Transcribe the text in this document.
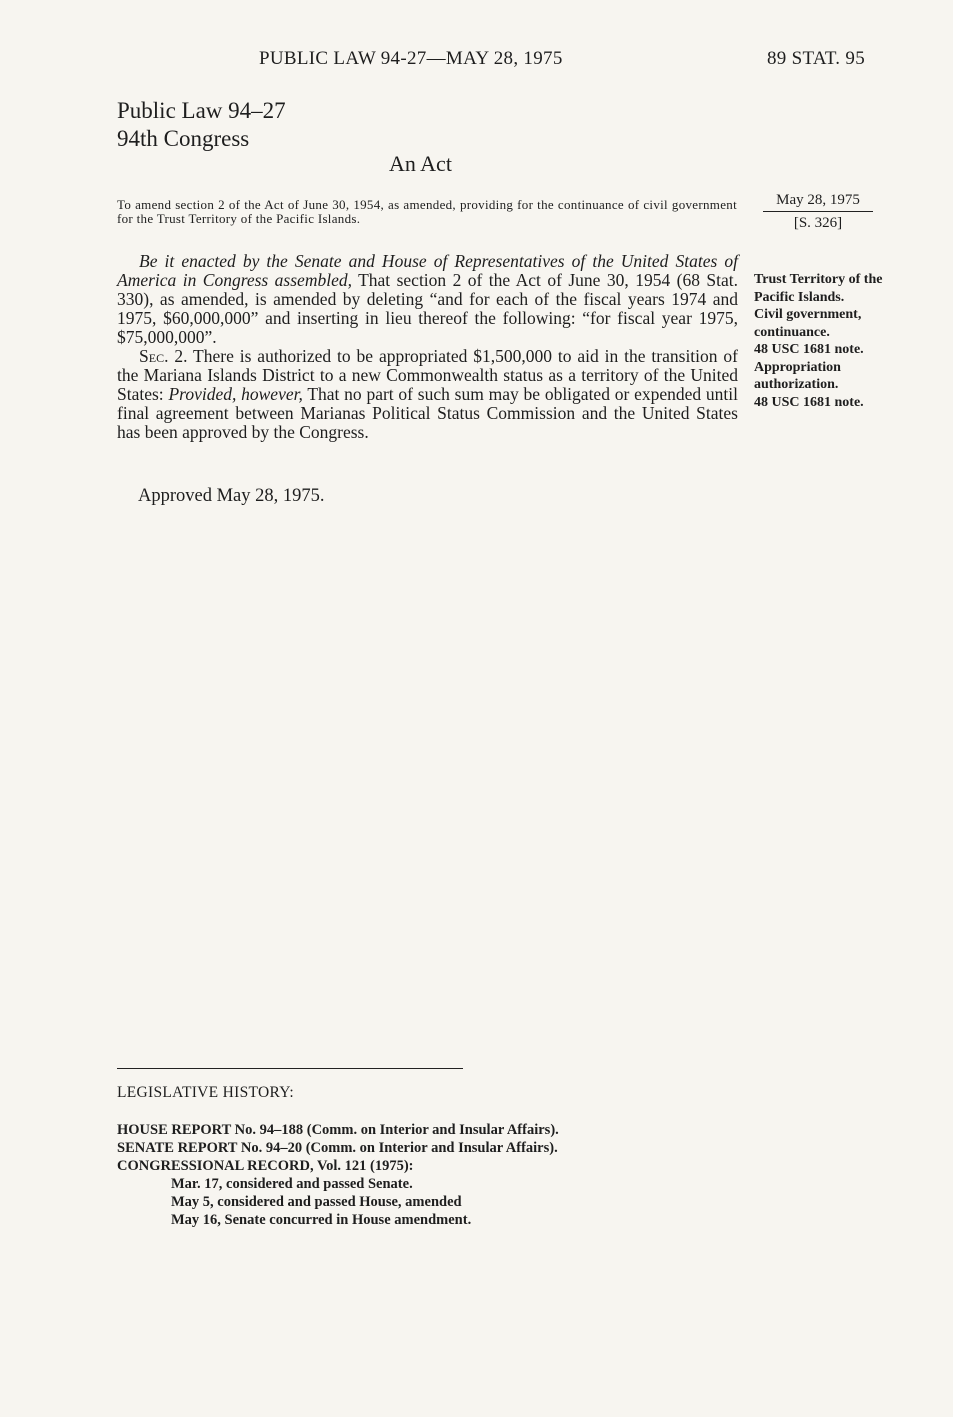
PUBLIC LAW 94-27—MAY 28, 1975	89 STAT. 95
Public Law 94–27
94th Congress
An Act
To amend section 2 of the Act of June 30, 1954, as amended, providing for the continuance of civil government for the Trust Territory of the Pacific Islands.
May 28, 1975
[S. 326]

Be it enacted by the Senate and House of Representatives of the United States of America in Congress assembled, That section 2 of the Act of June 30, 1954 (68 Stat. 330), as amended, is amended by deleting “and for each of the fiscal years 1974 and 1975, $60,000,000” and inserting in lieu thereof the following: “for fiscal year 1975, $75,000,000”.

Sec. 2. There is authorized to be appropriated $1,500,000 to aid in the transition of the Mariana Islands District to a new Commonwealth status as a territory of the United States: Provided, however, That no part of such sum may be obligated or expended until final agreement between Marianas Political Status Commission and the United States has been approved by the Congress.

Trust Territory of the Pacific Islands.
Civil government, continuance.
48 USC 1681 note.
Appropriation authorization.
48 USC 1681 note.
Approved May 28, 1975.
LEGISLATIVE HISTORY:

HOUSE REPORT No. 94–188 (Comm. on Interior and Insular Affairs).

SENATE REPORT No. 94–20 (Comm. on Interior and Insular Affairs).

CONGRESSIONAL RECORD, Vol. 121 (1975):

Mar. 17, considered and passed Senate.

May 5, considered and passed House, amended

May 16, Senate concurred in House amendment.
